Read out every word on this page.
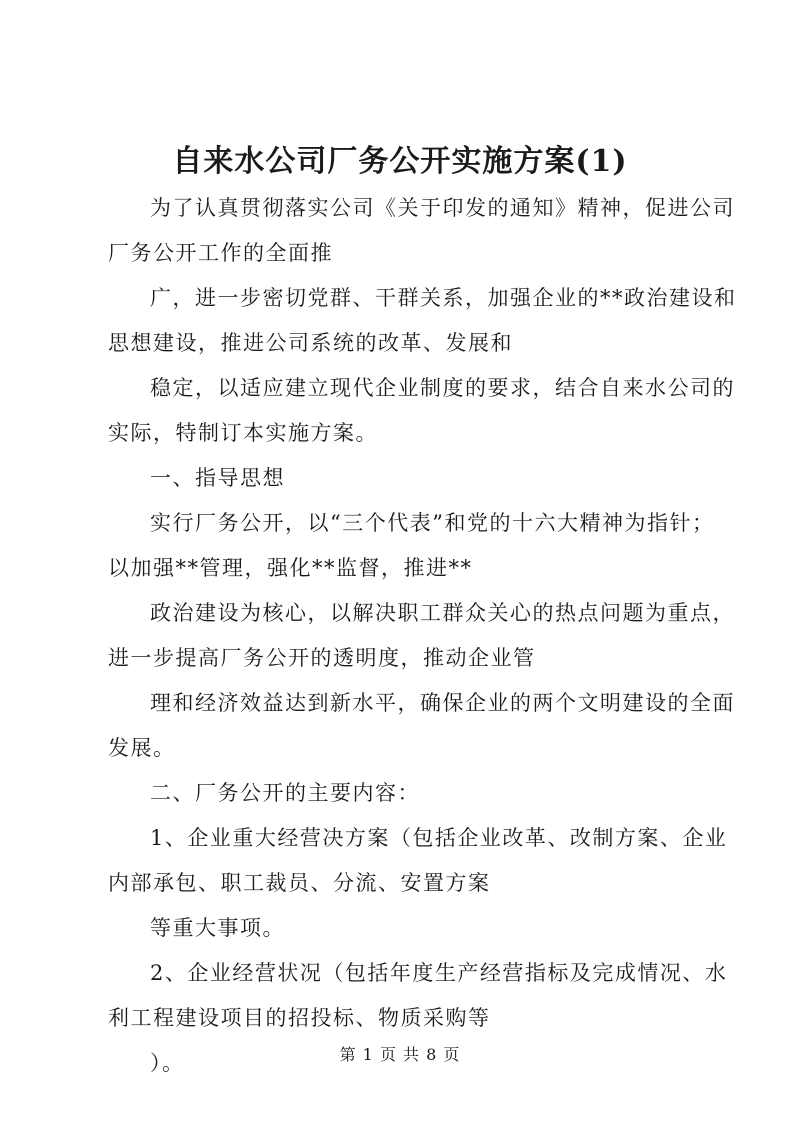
自来水公司厂务公开实施方案(1)
为了认真贯彻落实公司《关于印发的通知》精神，促进公司
厂务公开工作的全面推
广，进一步密切党群、干群关系，加强企业的**政治建设和
思想建设，推进公司系统的改革、发展和
稳定，以适应建立现代企业制度的要求，结合自来水公司的
实际，特制订本实施方案。
一、指导思想
实行厂务公开，以“三个代表”和党的十六大精神为指针；
以加强**管理，强化**监督，推进**
政治建设为核心，以解决职工群众关心的热点问题为重点，
进一步提高厂务公开的透明度，推动企业管
理和经济效益达到新水平，确保企业的两个文明建设的全面
发展。
二、厂务公开的主要内容：
1、企业重大经营决方案（包括企业改革、改制方案、企业
内部承包、职工裁员、分流、安置方案
等重大事项。
2、企业经营状况（包括年度生产经营指标及完成情况、水
利工程建设项目的招投标、物质采购等
）。	第 1 页 共 8 页
